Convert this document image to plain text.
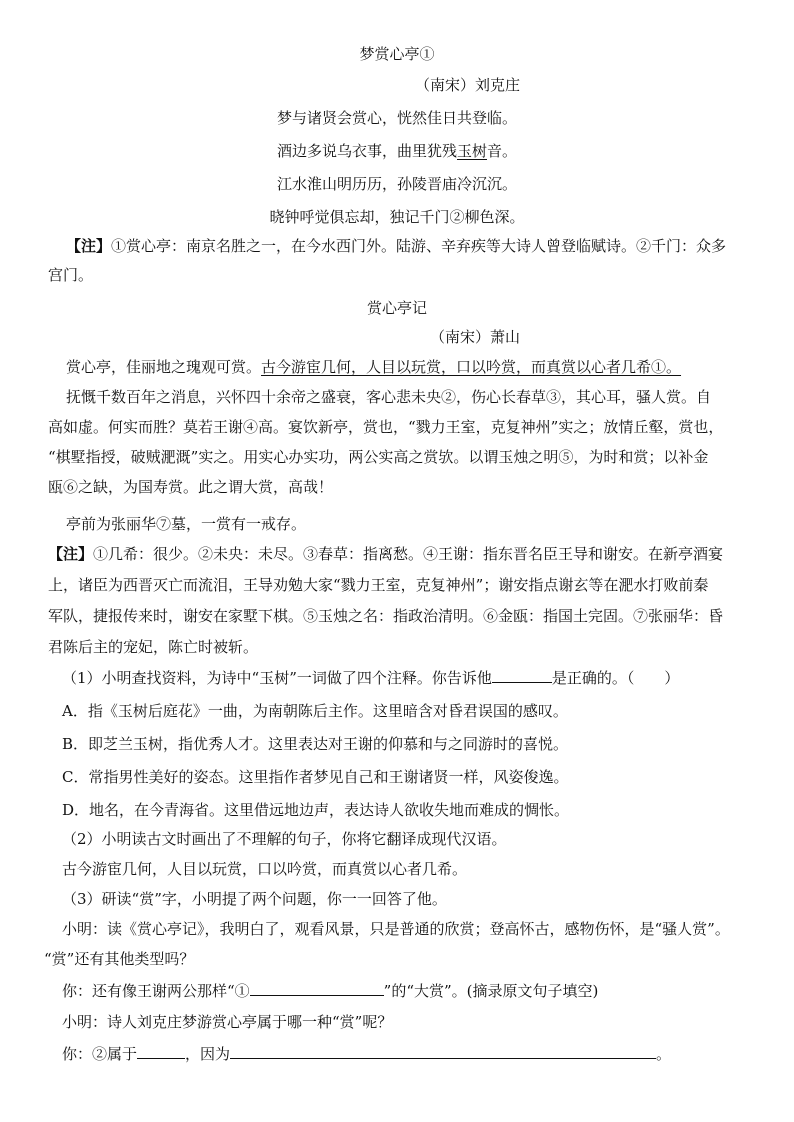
梦赏心亭①
（南宋）刘克庄
梦与诸贤会赏心，恍然佳日共登临。
酒边多说乌衣事，曲里犹残玉树音。
江水淮山明历历，孙陵晋庙冷沉沉。
晓钟呼觉俱忘却，独记千门②柳色深。
【注】①赏心亭：南京名胜之一，在今水西门外。陆游、辛弃疾等大诗人曾登临赋诗。②千门：众多
宫门。
赏心亭记
（南宋）萧山
赏心亭，佳丽地之瑰观可赏。古今游宦几何，人目以玩赏，口以吟赏，而真赏以心者几希①。
抚慨千数百年之消息，兴怀四十余帝之盛衰，客心悲未央②，伤心长春草③，其心耳，骚人赏。自
高如虚。何实而胜？莫若王谢④高。宴饮新亭，赏也，“戮力王室，克复神州”实之；放情丘壑，赏也，
“棋墅指授，破贼淝溉”实之。用实心办实功，两公实高之赏欤。以谓玉烛之明⑤，为时和赏；以补金
瓯⑥之缺，为国寿赏。此之谓大赏，高哉！
亭前为张丽华⑦墓，一赏有一戒存。
【注】①几希：很少。②未央：未尽。③春草：指离愁。④王谢：指东晋名臣王导和谢安。在新亭酒宴
上，诸臣为西晋灭亡而流泪，王导劝勉大家“戮力王室，克复神州”；谢安指点谢玄等在淝水打败前秦
军队，捷报传来时，谢安在家墅下棋。⑤玉烛之名：指政治清明。⑥金瓯：指国土完固。⑦张丽华：昏
君陈后主的宠妃，陈亡时被斩。
（1）小明查找资料，为诗中“玉树”一词做了四个注释。你告诉他	是正确的。（　　）
A．指《玉树后庭花》一曲，为南朝陈后主作。这里暗含对昏君误国的感叹。
B．即芝兰玉树，指优秀人才。这里表达对王谢的仰慕和与之同游时的喜悦。
C．常指男性美好的姿态。这里指作者梦见自己和王谢诸贤一样，风姿俊逸。
D．地名，在今青海省。这里借远地边声，表达诗人欲收失地而难成的惆怅。
（2）小明读古文时画出了不理解的句子，你将它翻译成现代汉语。
古今游宦几何，人目以玩赏，口以吟赏，而真赏以心者几希。
（3）研读“赏”字，小明提了两个问题，你一一回答了他。
小明：读《赏心亭记》，我明白了，观看风景，只是普通的欣赏；登高怀古，感物伤怀，是“骚人赏”。
“赏”还有其他类型吗？
你：还有像王谢两公那样“①	”的“大赏”。(摘录原文句子填空)
小明：诗人刘克庄梦游赏心亭属于哪一种“赏”呢？
你：②属于	，因为	。
